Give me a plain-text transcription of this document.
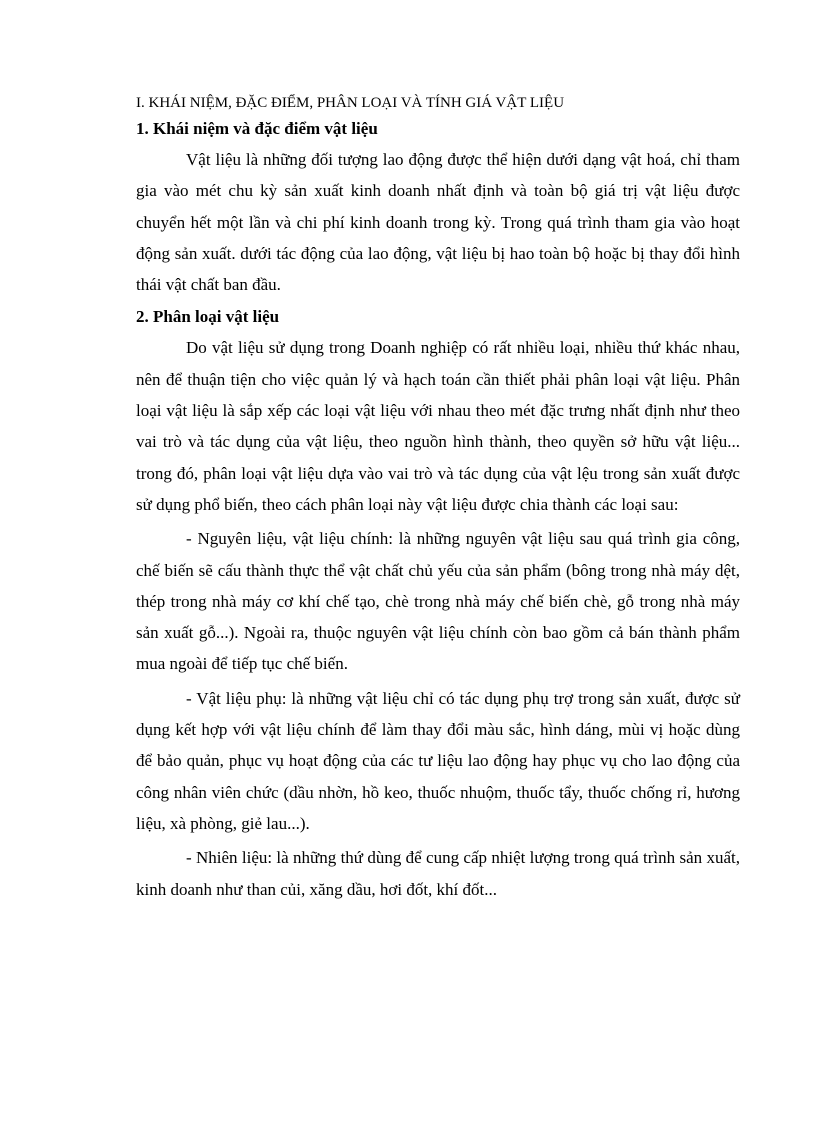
I. KHÁI NIỆM, ĐẶC ĐIỂM, PHÂN LOẠI VÀ TÍNH GIÁ VẬT LIỆU
1. Khái niệm và đặc điểm vật liệu

Vật liệu là những đối tượng lao động được thể hiện dưới dạng vật hoá, chỉ tham gia vào mét chu kỳ sản xuất kinh doanh nhất định và toàn bộ giá trị vật liệu được chuyển hết một lần và chi phí kinh doanh trong kỳ. Trong quá trình tham gia vào hoạt động sản xuất. dưới tác động của lao động, vật liệu bị hao toàn bộ hoặc bị thay đổi hình thái vật chất ban đầu.

2. Phân loại vật liệu

Do vật liệu sử dụng trong Doanh nghiệp có rất nhiều loại, nhiều thứ khác nhau, nên để thuận tiện cho việc quản lý và hạch toán cần thiết phải phân loại vật liệu. Phân loại vật liệu là sắp xếp các loại vật liệu với nhau theo mét đặc trưng nhất định như theo vai trò và tác dụng của vật liệu, theo nguồn hình thành, theo quyền sở hữu vật liệu... trong đó, phân loại vật liệu dựa vào vai trò và tác dụng của vật lệu trong sản xuất được sử dụng phổ biến, theo cách phân loại này vật liệu được chia thành các loại sau:

- Nguyên liệu, vật liệu chính: là những nguyên vật liệu sau quá trình gia công, chế biến sẽ cấu thành thực thể vật chất chủ yếu của sản phẩm (bông trong nhà máy dệt, thép trong nhà máy cơ khí chế tạo, chè trong nhà máy chế biến chè, gỗ trong nhà máy sản xuất gỗ...). Ngoài ra, thuộc nguyên vật liệu chính còn bao gồm cả bán thành phẩm mua ngoài để tiếp tục chế biến.

- Vật liệu phụ: là những vật liệu chỉ có tác dụng phụ trợ trong sản xuất, được sử dụng kết hợp với vật liệu chính để làm thay đổi màu sắc, hình dáng, mùi vị hoặc dùng để bảo quản, phục vụ hoạt động của các tư liệu lao động hay phục vụ cho lao động của công nhân viên chức (dầu nhờn, hồ keo, thuốc nhuộm, thuốc tẩy, thuốc chống rỉ, hương liệu, xà phòng, giẻ lau...).

- Nhiên liệu: là những thứ dùng để cung cấp nhiệt lượng trong quá trình sản xuất, kinh doanh như than củi, xăng dầu, hơi đốt, khí đốt...
